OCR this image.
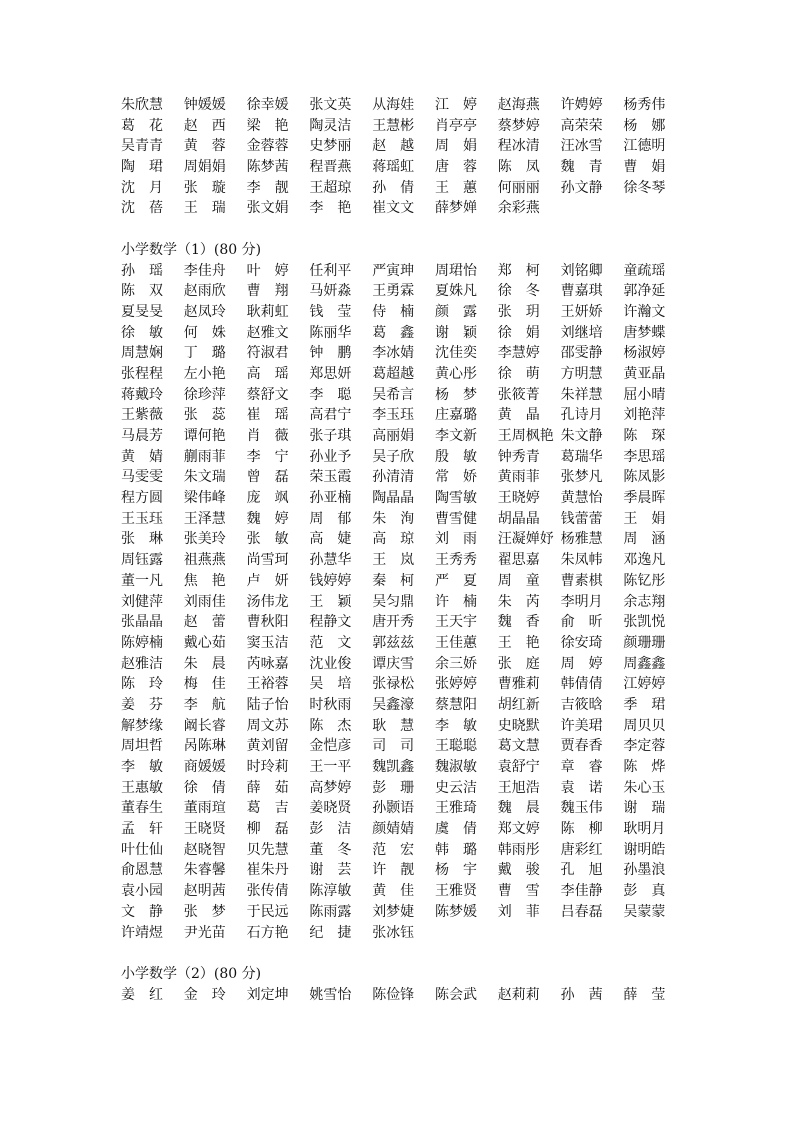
朱欣慧	钟媛媛	徐幸媛	张文英	从海娃	江　婷	赵海燕	许娉婷	杨秀伟
葛　花	赵　西	梁　艳	陶灵洁	王慧彬	肖亭亭	蔡梦婷	高荣荣	杨　娜
吴青青	黄　蓉	金蓉蓉	史梦丽	赵　越	周　娟	程冰清	汪冰雪	江德明
陶　珺	周娟娟	陈梦茜	程晋燕	蒋瑶虹	唐　蓉	陈　凤	魏　青	曹　娟
沈　月	张　璇	李　靓	王超琼	孙　倩	王　蕙	何丽丽	孙文静	徐冬琴
沈　蓓	王　瑞	张文娟	李　艳	崔文文	薛梦婵	余彩燕
小学数学（1）(80 分)
孙　瑶	李佳舟	叶　婷	任利平	严寅珅	周珺怡	郑　柯	刘铭卿	童疏瑶
陈　双	赵雨欣	曹　翔	马妍淼	王勇霖	夏姝凡	徐　冬	曹嘉琪	郭净延
夏旻旻	赵凤玲	耿莉虹	钱　莹	侍　楠	颜　露	张　玥	王妍娇	许瀚文
徐　敏	何　姝	赵雅文	陈丽华	葛　鑫	谢　颖	徐　娟	刘继培	唐梦蝶
周慧娴	丁　璐	符淑君	钟　鹏	李冰婧	沈佳奕	李慧婷	邵雯静	杨淑婷
张程程	左小艳	高　瑶	郑思妍	葛超越	黄心彤	徐　萌	方明慧	黄亚晶
蒋戴玲	徐珍萍	蔡舒文	李　聪	吴希言	杨　梦	张筱菁	朱祥慧	屈小晴
王紫薇	张　蕊	崔　瑶	高君宁	李玉珏	庄嘉璐	黄　晶	孔诗月	刘艳萍
马晨芳	谭何艳	肖　薇	张子琪	高丽娟	李文新	王周枫艳 朱文静	陈　琛
黄　婧	蒯雨菲	李　宁	孙业予	吴子欣	殷　敏	钟秀青	葛瑞华	李思瑶
马雯雯	朱文瑞	曾　磊	荣玉霞	孙清清	常　娇	黄雨菲	张梦凡	陈凤影
程方圆	梁伟峰	庞　飒	孙亚楠	陶晶晶	陶雪敏	王晓婷	黄慧怡	季晨晖
王玉珏	王泽慧	魏　婷	周　郁	朱　洵	曹雪健	胡晶晶	钱蕾蕾	王　娟
张　琳	张美玲	张　敏	高　婕	高　琼	刘　雨	汪凝婵妤 杨雅慧	周　涵
周钰露	祖燕燕	尚雪珂	孙慧华	王　岚	王秀秀	翟思嘉	朱凤帏	邓逸凡
董一凡	焦　艳	卢　妍	钱婷婷	秦　柯	严　夏	周　童	曹素棋	陈钇彤
刘健萍	刘雨佳	汤伟龙	王　颖	吴匀鼎	许　楠	朱　芮	李明月	余志翔
张晶晶	赵　蕾	曹秋阳	程静文	唐开秀	王天宇	魏　香	俞　昕	张凯悦
陈婷楠	戴心茹	窦玉洁	范　文	郭兹兹	王佳蕙	王　艳	徐安琦	颜珊珊
赵雅洁	朱　晨	芮咏嘉	沈业俊	谭庆雪	余三娇	张　庭	周　婷	周鑫鑫
陈　玲	梅　佳	王裕蓉	吴　培	张禄松	张婷婷	曹雅莉	韩倩倩	江婷婷
姜　芬	李　航	陆子怡	时秋雨	吴鑫濠	蔡慧阳	胡红新	吉筱晗	季　珺
解梦缘	阚长睿	周文苏	陈　杰	耿　慧	李　敏	史晓默	许美珺	周贝贝
周坦哲	呙陈琳	黄刘留	金恺彦	司　司	王聪聪	葛文慧	贾春香	李定蓉
李　敏	商媛媛	时玲莉	王一平	魏凯鑫	魏淑敏	袁舒宁	章　睿	陈　烨
王惠敏	徐　倩	薛　茹	高梦婷	彭　珊	史云洁	王旭浩	袁　诺	朱心玉
董春生	董雨瑄	葛　吉	姜晓贤	孙颢语	王雅琦	魏　晨	魏玉伟	谢　瑞
孟　轩	王晓贤	柳　磊	彭　洁	颜婧婧	虞　倩	郑文婷	陈　柳	耿明月
叶仕仙	赵晓智	贝先慧	董　冬	范　宏	韩　璐	韩雨彤	唐彩红	谢明皓
俞恩慧	朱睿馨	崔朱丹	谢　芸	许　靓	杨　宇	戴　骏	孔　旭	孙墨浪
袁小园	赵明茜	张传倩	陈淳敏	黄　佳	王雅贤	曹　雪	李佳静	彭　真
文　静	张　梦	于民远	陈雨露	刘梦婕	陈梦媛	刘　菲	吕春磊	吴蒙蒙
许靖煜	尹光苗	石方艳	纪　捷	张冰钰
小学数学（2）(80 分)
姜　红	金　玲	刘定坤	姚雪怡	陈俭锋	陈会武	赵莉莉	孙　茜	薛　莹
